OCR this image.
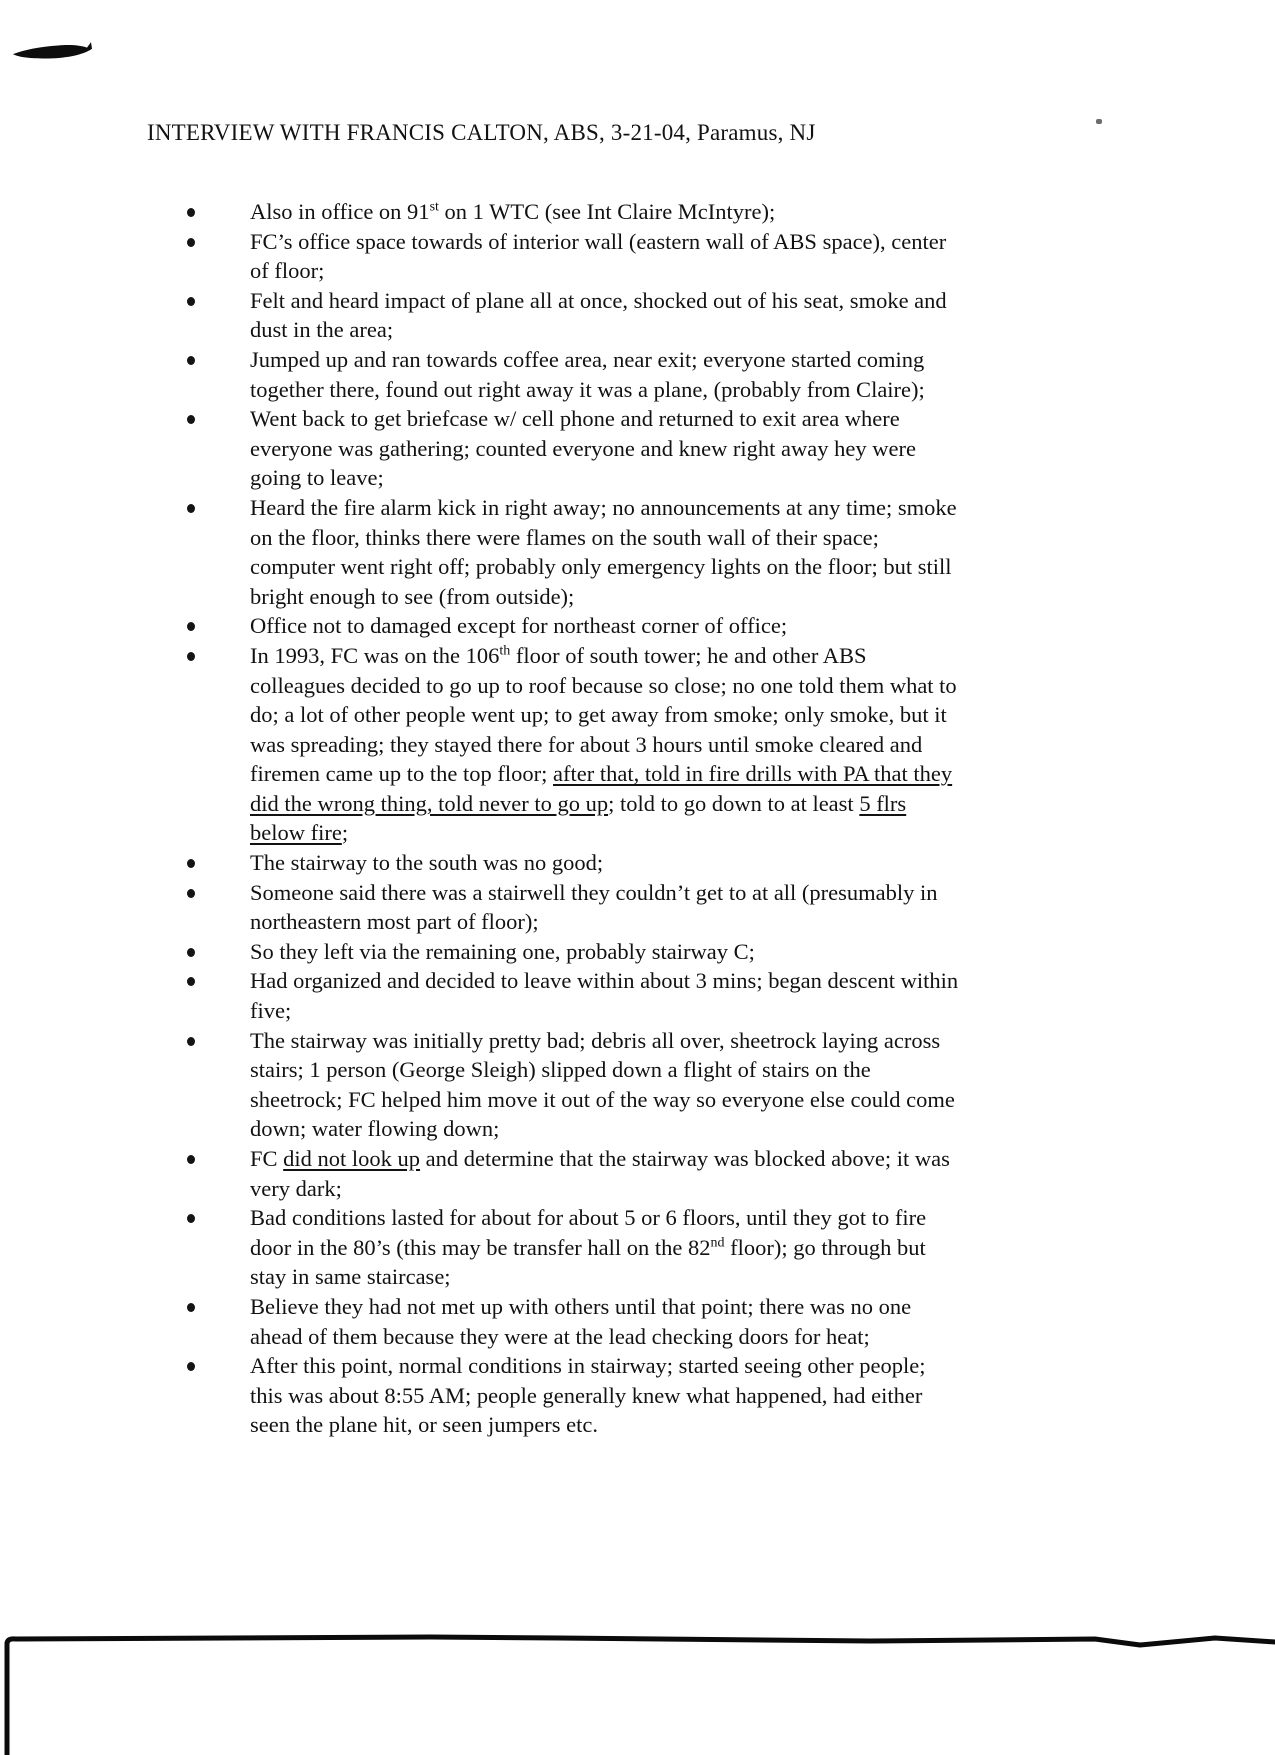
INTERVIEW WITH FRANCIS CALTON, ABS, 3-21-04, Paramus, NJ
Also in office on 91st on 1 WTC (see Int Claire McIntyre);
FC’s office space towards of interior wall (eastern wall of ABS space), center
of floor;
Felt and heard impact of plane all at once, shocked out of his seat, smoke and
dust in the area;
Jumped up and ran towards coffee area, near exit; everyone started coming
together there, found out right away it was a plane, (probably from Claire);
Went back to get briefcase w/ cell phone and returned to exit area where
everyone was gathering; counted everyone and knew right away hey were
going to leave;
Heard the fire alarm kick in right away; no announcements at any time; smoke
on the floor, thinks there were flames on the south wall of their space;
computer went right off; probably only emergency lights on the floor; but still
bright enough to see (from outside);
Office not to damaged except for northeast corner of office;
In 1993, FC was on the 106th floor of south tower; he and other ABS
colleagues decided to go up to roof because so close; no one told them what to
do; a lot of other people went up; to get away from smoke; only smoke, but it
was spreading; they stayed there for about 3 hours until smoke cleared and
firemen came up to the top floor; after that, told in fire drills with PA that they
did the wrong thing, told never to go up; told to go down to at least 5 flrs
below fire;
The stairway to the south was no good;
Someone said there was a stairwell they couldn’t get to at all (presumably in
northeastern most part of floor);
So they left via the remaining one, probably stairway C;
Had organized and decided to leave within about 3 mins; began descent within
five;
The stairway was initially pretty bad; debris all over, sheetrock laying across
stairs; 1 person (George Sleigh) slipped down a flight of stairs on the
sheetrock; FC helped him move it out of the way so everyone else could come
down; water flowing down;
FC did not look up and determine that the stairway was blocked above; it was
very dark;
Bad conditions lasted for about for about 5 or 6 floors, until they got to fire
door in the 80’s (this may be transfer hall on the 82nd floor); go through but
stay in same staircase;
Believe they had not met up with others until that point; there was no one
ahead of them because they were at the lead checking doors for heat;
After this point, normal conditions in stairway; started seeing other people;
this was about 8:55 AM; people generally knew what happened, had either
seen the plane hit, or seen jumpers etc.
